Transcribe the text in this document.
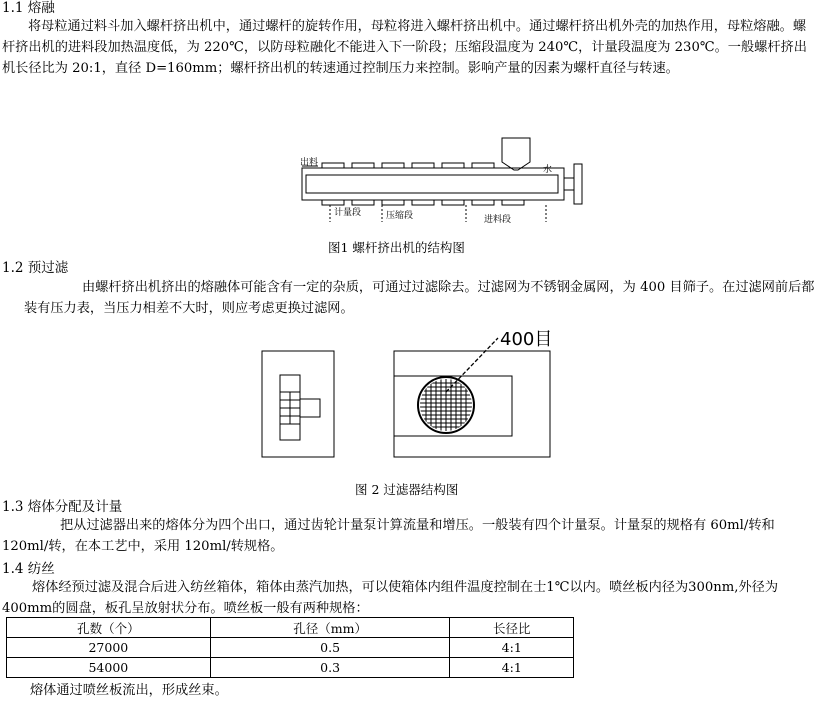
1.1 熔融

将母粒通过料斗加入螺杆挤出机中，通过螺杆的旋转作用，母粒将进入螺杆挤出机中。通过螺杆挤出机外壳的加热作用，母粒熔融。螺杆挤出机的进料段加热温度低，为 220℃，以防母粒融化不能进入下一阶段；压缩段温度为 240℃，计量段温度为 230℃。一般螺杆挤出机长径比为 20:1，直径 D=160mm；螺杆挤出机的转速通过控制压力来控制。影响产量的因素为螺杆直径与转速。

出料
水
计量段	压缩段	进料段
图1 螺杆挤出机的结构图
1.2 预过滤

由螺杆挤出机挤出的熔融体可能含有一定的杂质，可通过过滤除去。过滤网为不锈钢金属网，为 400 目筛子。在过滤网前后都装有压力表，当压力相差不大时，则应考虑更换过滤网。

400目
图 2 过滤器结构图
1.3 熔体分配及计量

把从过滤器出来的熔体分为四个出口，通过齿轮计量泵计算流量和增压。一般装有四个计量泵。计量泵的规格有 60ml/转和 120ml/转，在本工艺中，采用 120ml/转规格。

1.4 纺丝

熔体经预过滤及混合后进入纺丝箱体，箱体由蒸汽加热，可以使箱体内组件温度控制在士1℃以内。喷丝板内径为300nm,外径为400mm的圆盘，板孔呈放射状分布。喷丝板一般有两种规格：

孔数（个）	孔径（mm）	长径比
27000	0.5	4:1
54000	0.3	4:1

熔体通过喷丝板流出，形成丝束。
